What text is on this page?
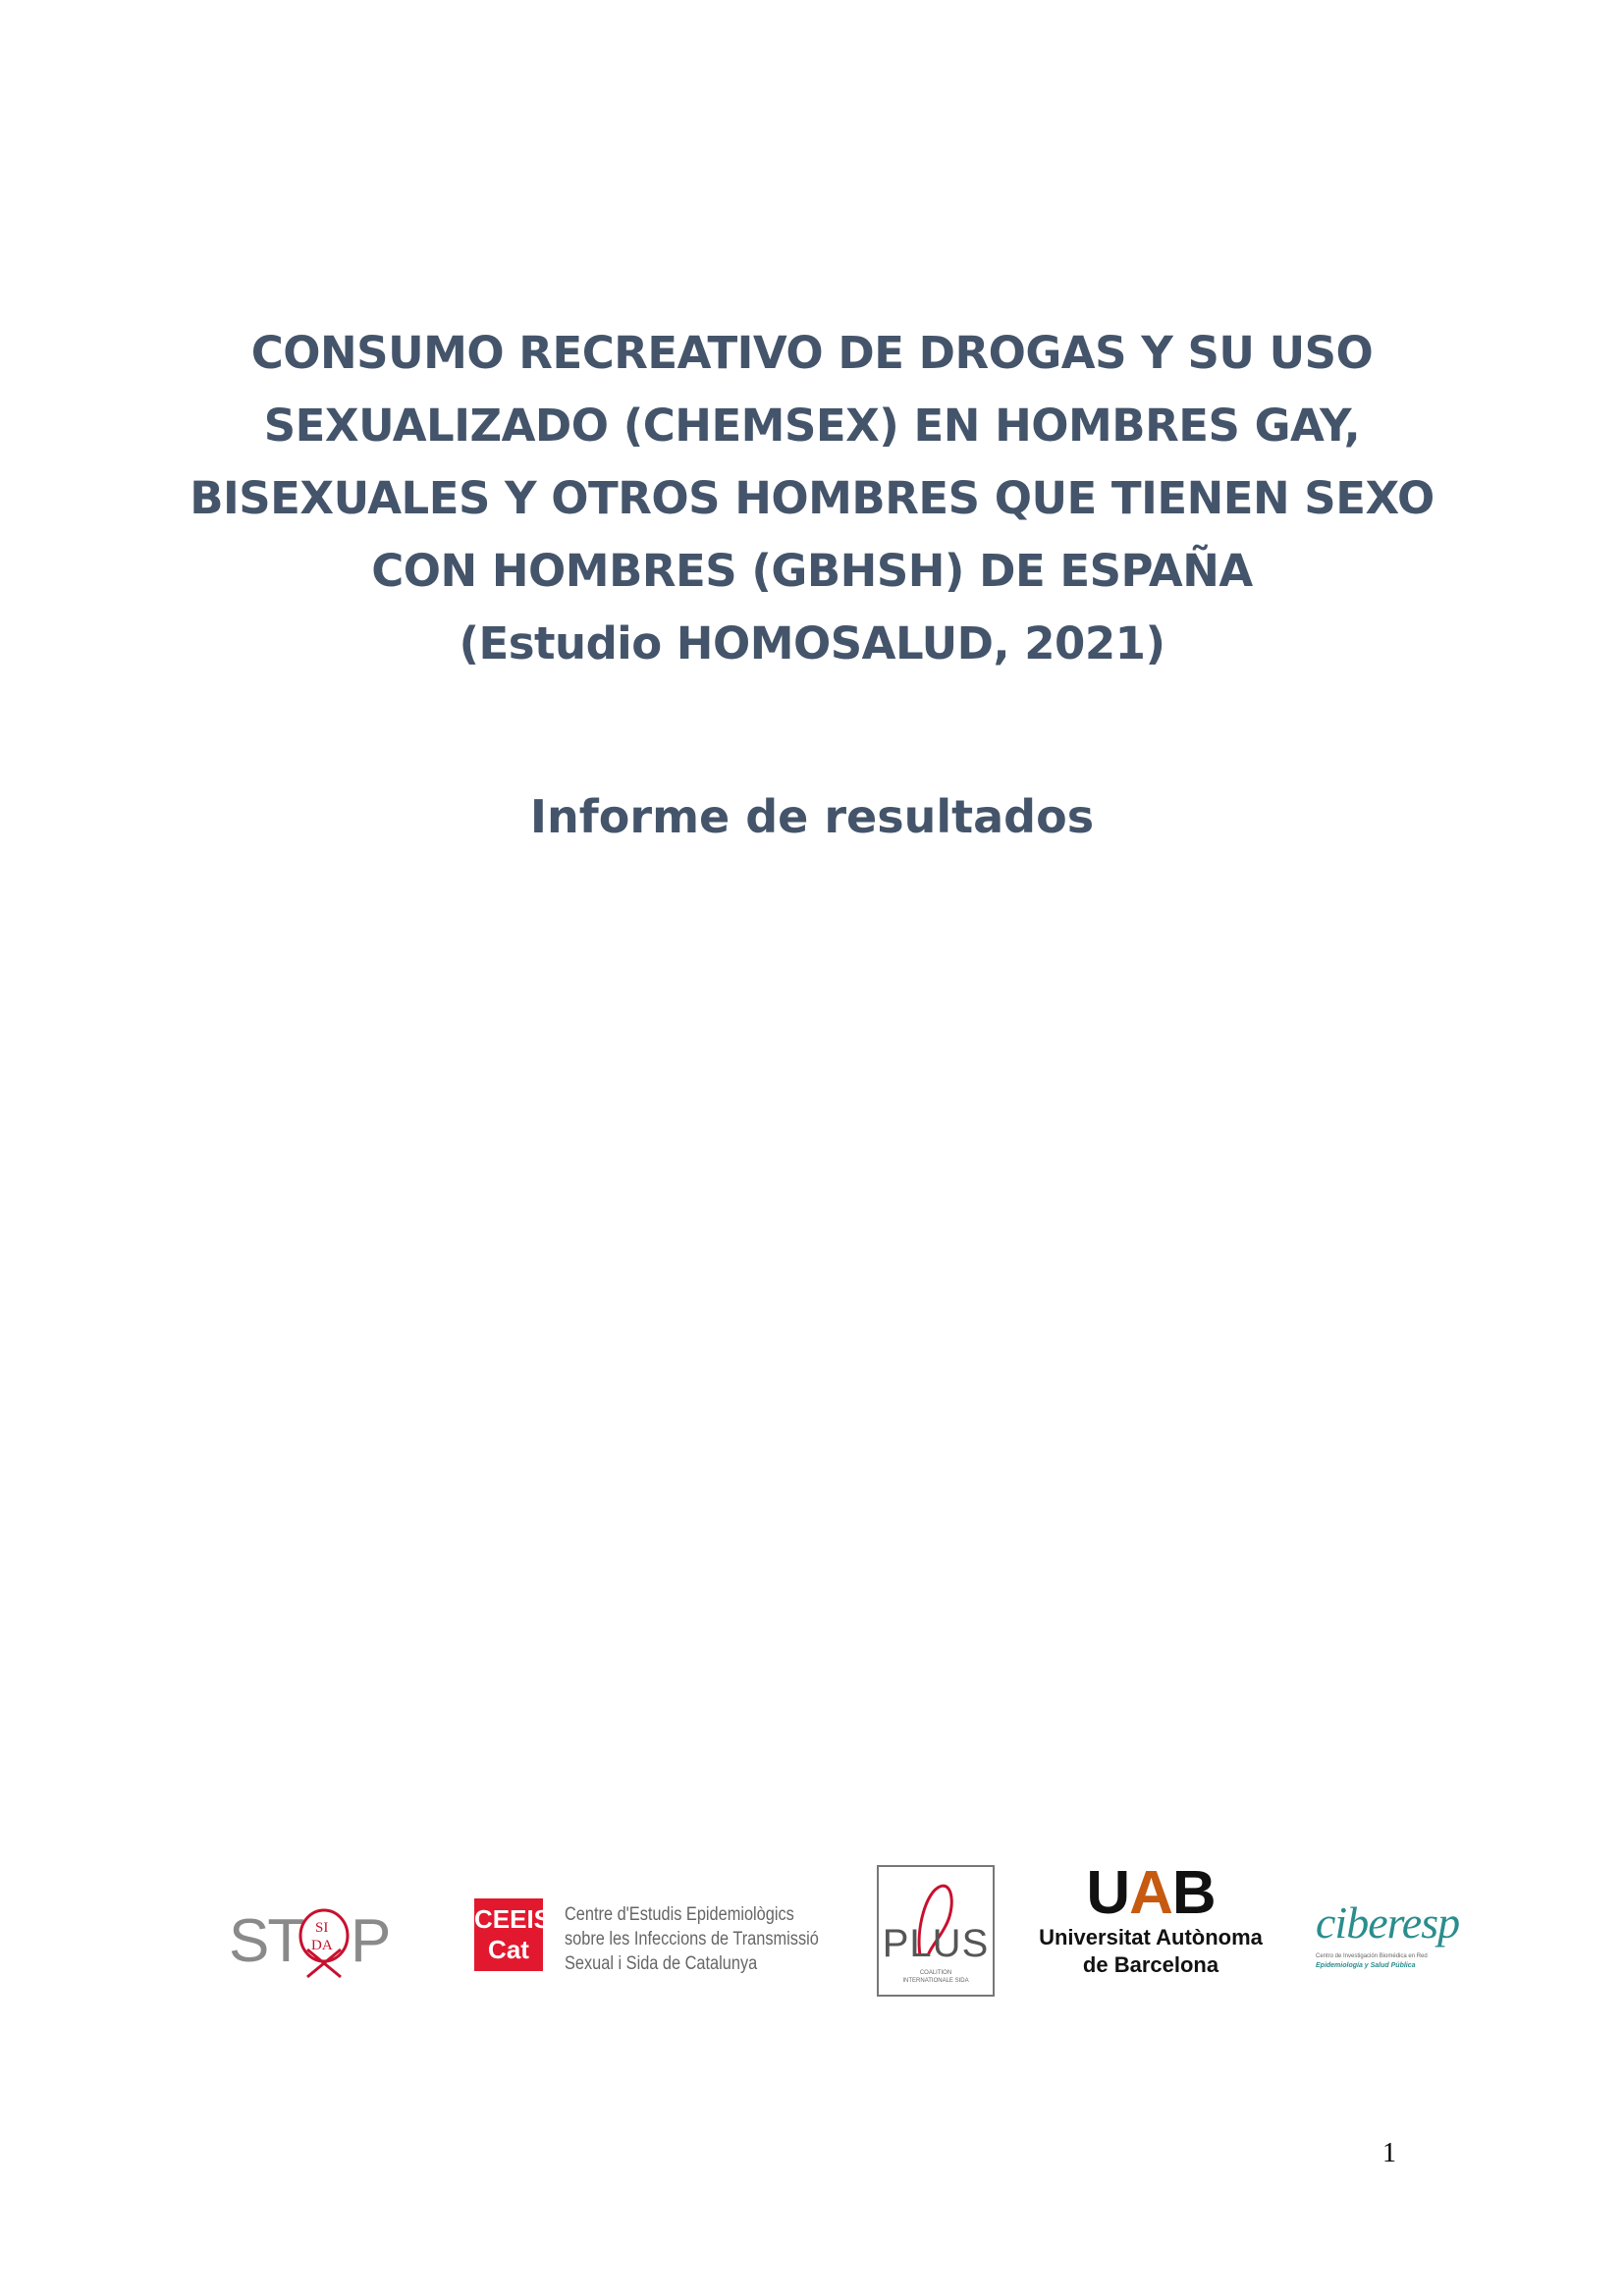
CONSUMO RECREATIVO DE DROGAS Y SU USO
SEXUALIZADO (CHEMSEX) EN HOMBRES GAY,
BISEXUALES Y OTROS HOMBRES QUE TIENEN SEXO
CON HOMBRES (GBHSH) DE ESPAÑA
(Estudio HOMOSALUD, 2021)
Informe de resultados
ST SI
DA P	CEEIS
Cat
Centre d'Estudis Epidemiològics
sobre les Infeccions de Transmissió
Sexual i Sida de Catalunya	PLUS
COALITION
INTERNATIONALE SIDA
UAB
Universitat Autònoma
de Barcelona
ciberesp
Centro de Investigación Biomédica en Red
Epidemiología y Salud Pública
1
